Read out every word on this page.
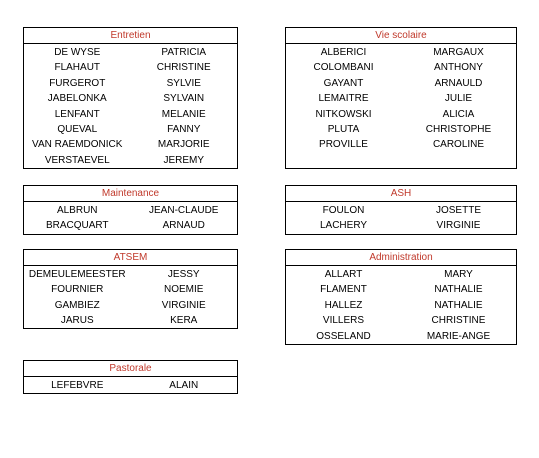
Entretien
DE WYSE	PATRICIA
FLAHAUT	CHRISTINE
FURGEROT	SYLVIE
JABELONKA	SYLVAIN
LENFANT	MELANIE
QUEVAL	FANNY
VAN RAEMDONICK	MARJORIE
VERSTAEVEL	JEREMY
Vie scolaire
ALBERICI	MARGAUX
COLOMBANI	ANTHONY
GAYANT	ARNAULD
LEMAITRE	JULIE
NITKOWSKI	ALICIA
PLUTA	CHRISTOPHE
PROVILLE	CAROLINE
Maintenance
ALBRUN	JEAN-CLAUDE
BRACQUART	ARNAUD
ASH
FOULON	JOSETTE
LACHERY	VIRGINIE
ATSEM
DEMEULEMEESTER	JESSY
FOURNIER	NOEMIE
GAMBIEZ	VIRGINIE
JARUS	KERA
Administration
ALLART	MARY
FLAMENT	NATHALIE
HALLEZ	NATHALIE
VILLERS	CHRISTINE
OSSELAND	MARIE-ANGE
Pastorale
LEFEBVRE	ALAIN
